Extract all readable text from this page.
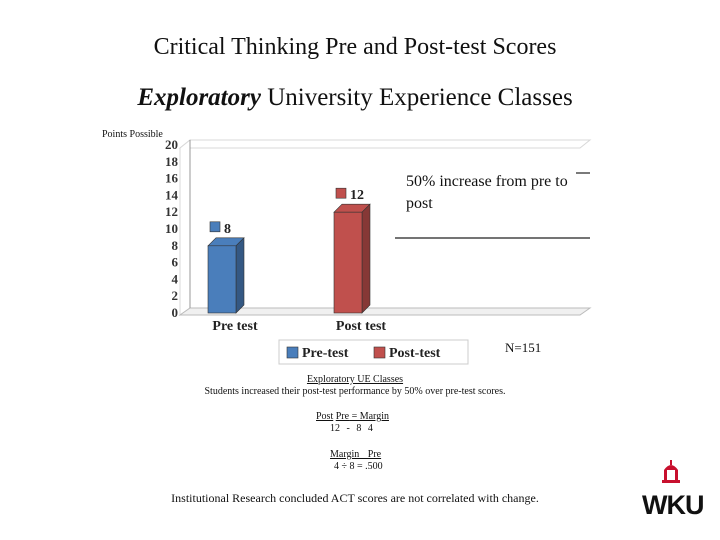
Critical Thinking Pre and Post-test Scores
Exploratory University Experience Classes
Points Possible
0
2
4
6
8
10
12
14
16
18
20
8
12
Pre test	Post test
Pre-test	Post-test
50% increase from pre to post
N=151
Exploratory UE Classes
Students increased their post-test performance by 50% over pre-test scores.
Post Pre = Margin
12 - 8 4
Margin Pre
4 ÷ 8 = .500
Institutional Research concluded ACT scores are not correlated with change.	WKU
